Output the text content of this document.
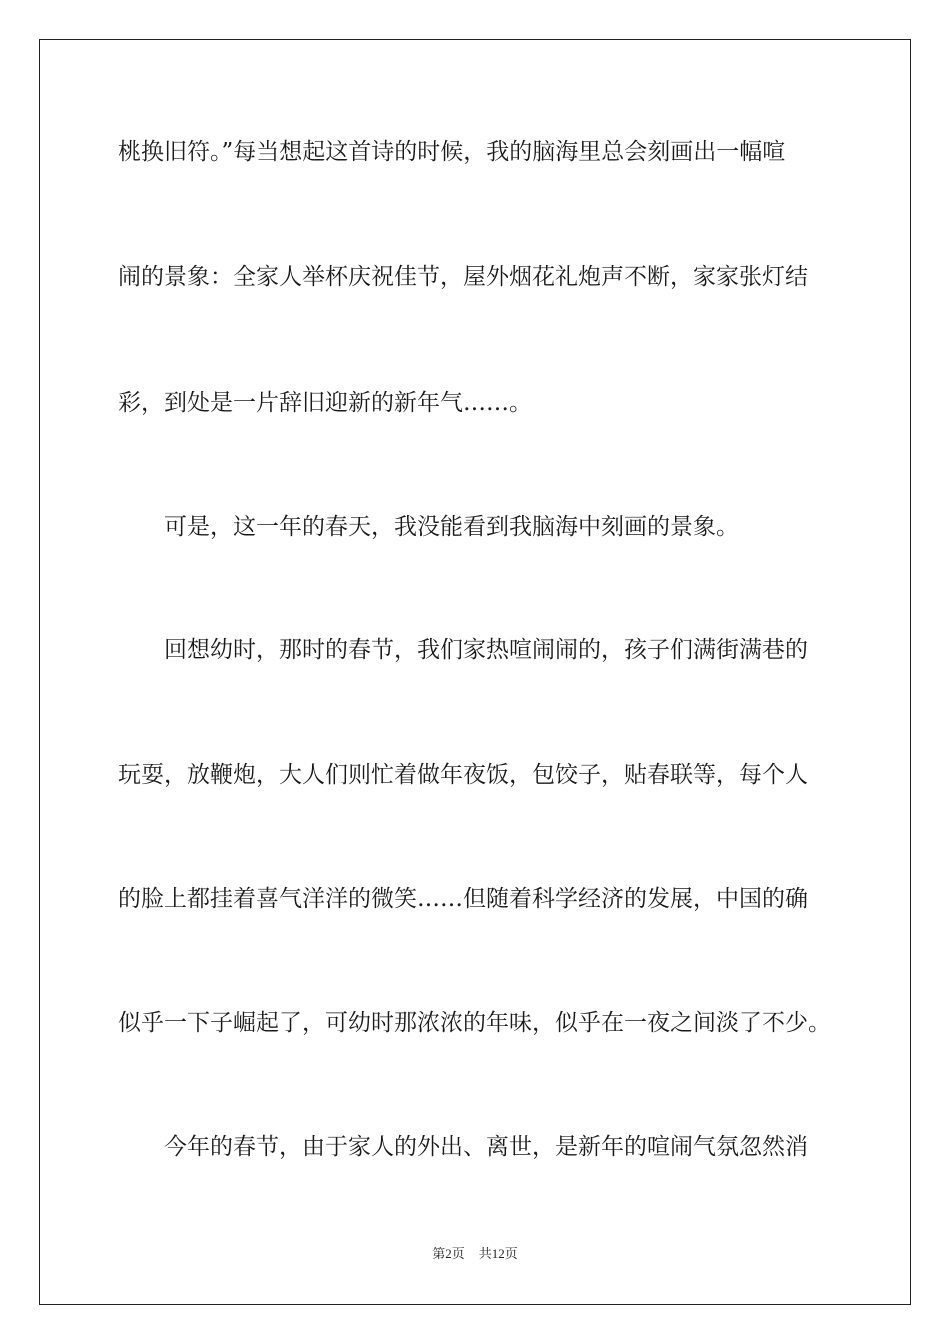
桃换旧符。”每当想起这首诗的时候，我的脑海里总会刻画出一幅喧
闹的景象：全家人举杯庆祝佳节，屋外烟花礼炮声不断，家家张灯结
彩，到处是一片辞旧迎新的新年气……。
可是，这一年的春天，我没能看到我脑海中刻画的景象。
回想幼时，那时的春节，我们家热喧闹闹的，孩子们满街满巷的
玩耍，放鞭炮，大人们则忙着做年夜饭，包饺子，贴春联等，每个人
的脸上都挂着喜气洋洋的微笑……但随着科学经济的发展，中国的确
似乎一下子崛起了，可幼时那浓浓的年味，似乎在一夜之间淡了不少。
今年的春节，由于家人的外出、离世，是新年的喧闹气氛忽然消
第2页 共12页
